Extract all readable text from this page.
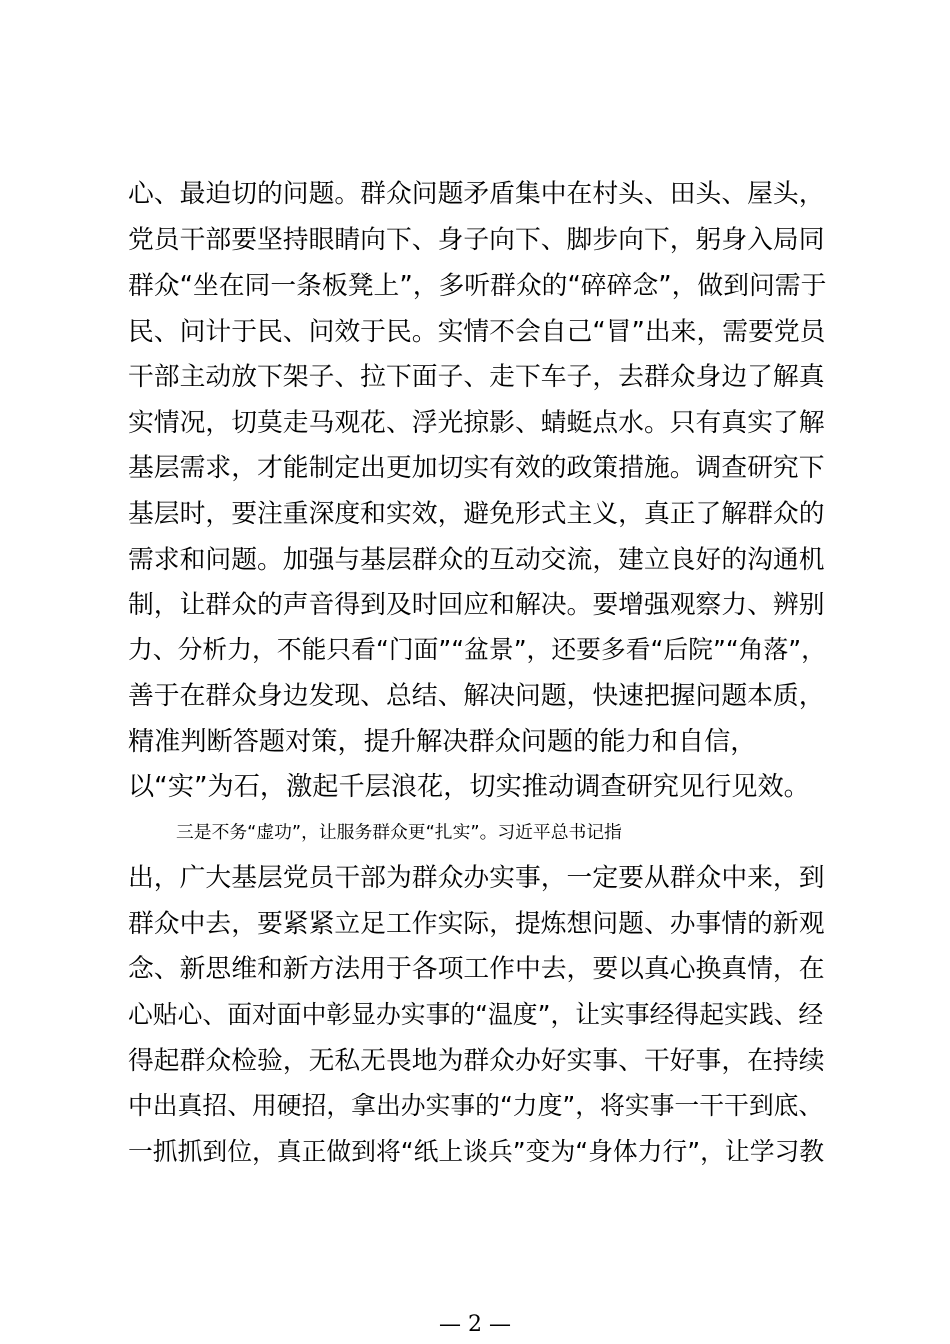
心、最迫切的问题。群众问题矛盾集中在村头、田头、屋头，
党员干部要坚持眼睛向下、身子向下、脚步向下，躬身入局同
群众“坐在同一条板凳上”，多听群众的“碎碎念”，做到问需于
民、问计于民、问效于民。实情不会自己“冒”出来，需要党员
干部主动放下架子、拉下面子、走下车子，去群众身边了解真
实情况，切莫走马观花、浮光掠影、蜻蜓点水。只有真实了解
基层需求，才能制定出更加切实有效的政策措施。调查研究下
基层时，要注重深度和实效，避免形式主义，真正了解群众的
需求和问题。加强与基层群众的互动交流，建立良好的沟通机
制，让群众的声音得到及时回应和解决。要增强观察力、辨别
力、分析力，不能只看“门面”“盆景”，还要多看“后院”“角落”，
善于在群众身边发现、总结、解决问题，快速把握问题本质，
精准判断答题对策，提升解决群众问题的能力和自信，
以“实”为石，激起千层浪花，切实推动调查研究见行见效。
三是不务“虚功”，让服务群众更“扎实”。习近平总书记指
出，广大基层党员干部为群众办实事，一定要从群众中来，到
群众中去，要紧紧立足工作实际，提炼想问题、办事情的新观
念、新思维和新方法用于各项工作中去，要以真心换真情，在
心贴心、面对面中彰显办实事的“温度”，让实事经得起实践、经
得起群众检验，无私无畏地为群众办好实事、干好事，在持续
中出真招、用硬招，拿出办实事的“力度”，将实事一干干到底、
一抓抓到位，真正做到将“纸上谈兵”变为“身体力行”，让学习教
— 2 —
